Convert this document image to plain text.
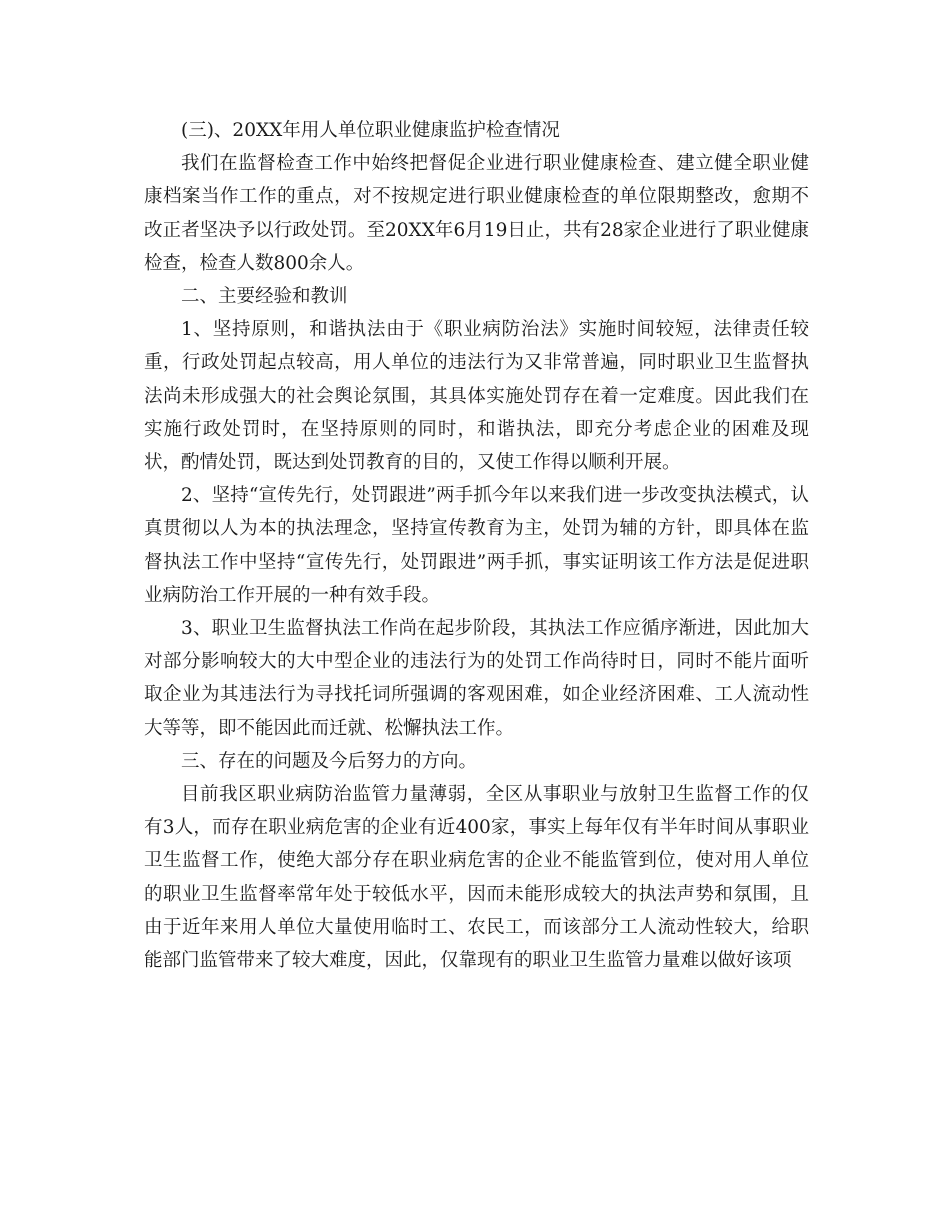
(三)、20XX年用人单位职业健康监护检查情况

我们在监督检查工作中始终把督促企业进行职业健康检查、建立健全职业健康档案当作工作的重点，对不按规定进行职业健康检查的单位限期整改，愈期不改正者坚决予以行政处罚。至20XX年6月19日止，共有28家企业进行了职业健康检查，检查人数800余人。

二、主要经验和教训

1、坚持原则，和谐执法由于《职业病防治法》实施时间较短，法律责任较重，行政处罚起点较高，用人单位的违法行为又非常普遍，同时职业卫生监督执法尚未形成强大的社会舆论氛围，其具体实施处罚存在着一定难度。因此我们在实施行政处罚时，在坚持原则的同时，和谐执法，即充分考虑企业的困难及现状，酌情处罚，既达到处罚教育的目的，又使工作得以顺利开展。

2、坚持“宣传先行，处罚跟进”两手抓今年以来我们进一步改变执法模式，认真贯彻以人为本的执法理念，坚持宣传教育为主，处罚为辅的方针，即具体在监督执法工作中坚持“宣传先行，处罚跟进”两手抓，事实证明该工作方法是促进职业病防治工作开展的一种有效手段。

3、职业卫生监督执法工作尚在起步阶段，其执法工作应循序渐进，因此加大对部分影响较大的大中型企业的违法行为的处罚工作尚待时日，同时不能片面听取企业为其违法行为寻找托词所强调的客观困难，如企业经济困难、工人流动性大等等，即不能因此而迁就、松懈执法工作。

三、存在的问题及今后努力的方向。

目前我区职业病防治监管力量薄弱，全区从事职业与放射卫生监督工作的仅有3人，而存在职业病危害的企业有近400家，事实上每年仅有半年时间从事职业卫生监督工作，使绝大部分存在职业病危害的企业不能监管到位，使对用人单位的职业卫生监督率常年处于较低水平，因而未能形成较大的执法声势和氛围，且由于近年来用人单位大量使用临时工、农民工，而该部分工人流动性较大，给职能部门监管带来了较大难度，因此，仅靠现有的职业卫生监管力量难以做好该项
